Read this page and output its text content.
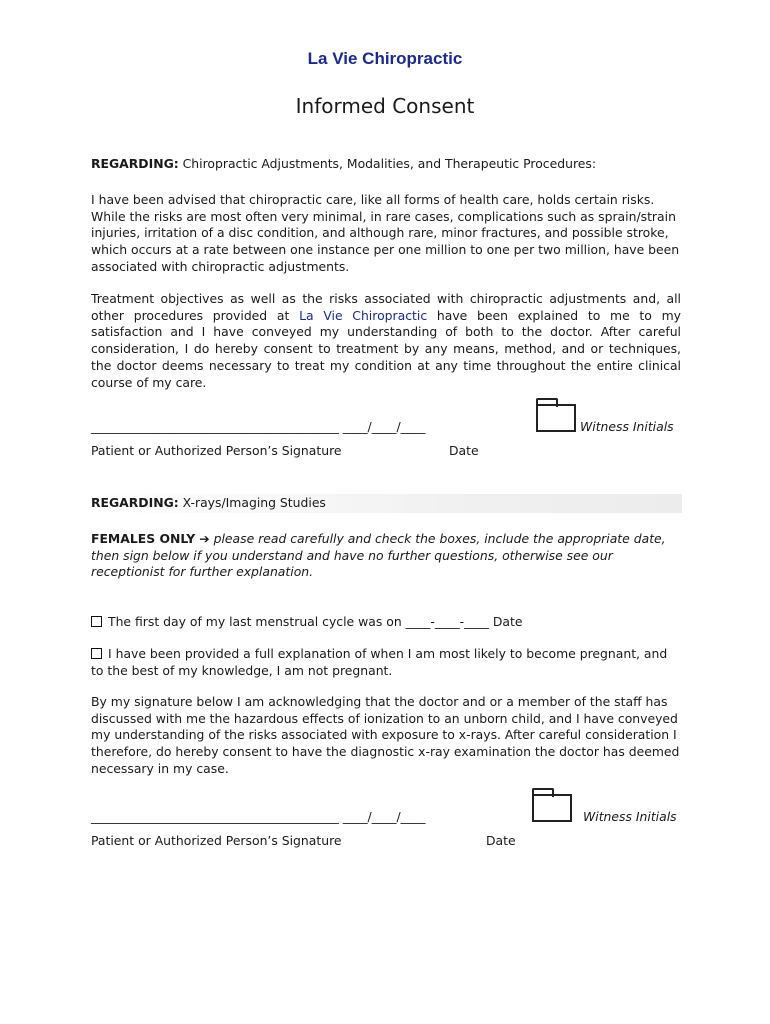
La Vie Chiropractic
Informed Consent
REGARDING: Chiropractic Adjustments, Modalities, and Therapeutic Procedures:
I have been advised that chiropractic care, like all forms of health care, holds certain risks. While the risks are most often very minimal, in rare cases, complications such as sprain/strain injuries, irritation of a disc condition, and although rare, minor fractures, and possible stroke, which occurs at a rate between one instance per one million to one per two million, have been associated with chiropractic adjustments.
Treatment objectives as well as the risks associated with chiropractic adjustments and, all other procedures provided at La Vie Chiropractic have been explained to me to my satisfaction and I have conveyed my understanding of both to the doctor. After careful consideration, I do hereby consent to treatment by any means, method, and or techniques, the doctor deems necessary to treat my condition at any time throughout the entire clinical course of my care.
________________________________________ ____/____/____	Witness Initials
Patient or Authorized Person’s Signature	Date
REGARDING: X-rays/Imaging Studies
FEMALES ONLY ➔ please read carefully and check the boxes, include the appropriate date, then sign below if you understand and have no further questions, otherwise see our receptionist for further explanation.
The first day of my last menstrual cycle was on ____-____-____ Date
I have been provided a full explanation of when I am most likely to become pregnant, and to the best of my knowledge, I am not pregnant.
By my signature below I am acknowledging that the doctor and or a member of the staff has discussed with me the hazardous effects of ionization to an unborn child, and I have conveyed my understanding of the risks associated with exposure to x-rays. After careful consideration I therefore, do hereby consent to have the diagnostic x-ray examination the doctor has deemed necessary in my case.
________________________________________ ____/____/____	Witness Initials
Patient or Authorized Person’s Signature	Date
